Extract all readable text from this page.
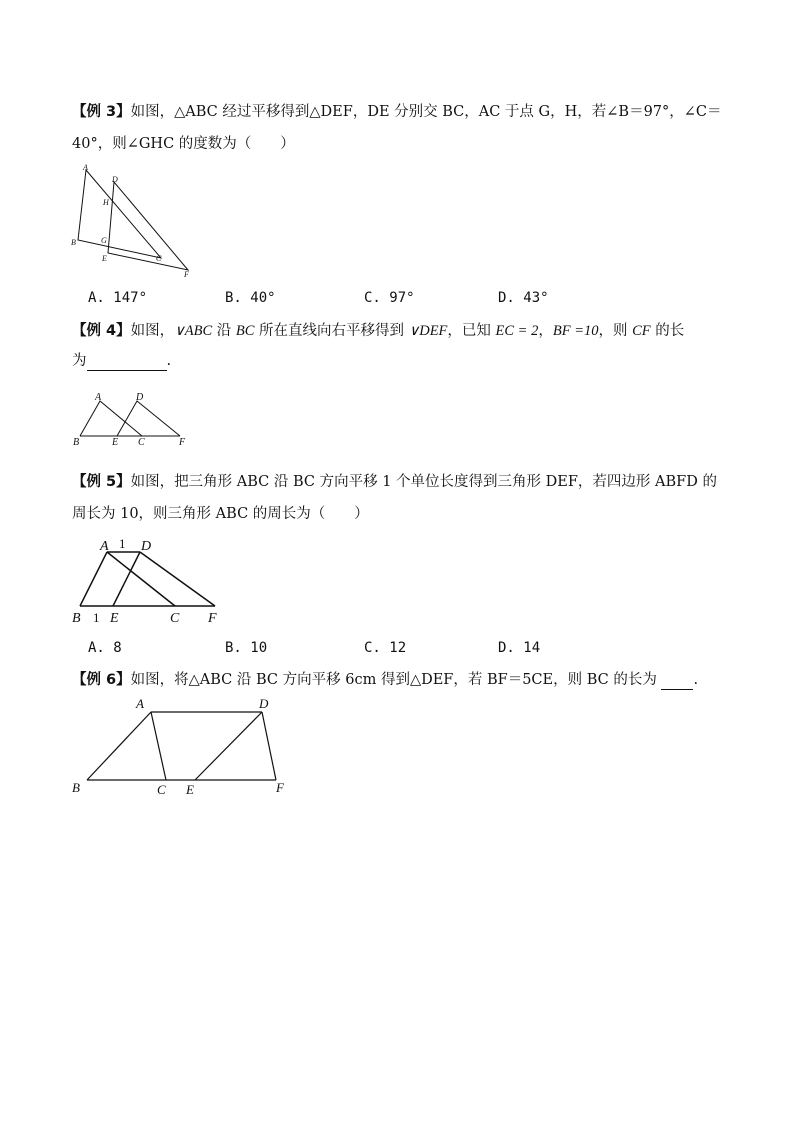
【例 3】如图，△ABC 经过平移得到△DEF，DE 分别交 BC，AC 于点 G，H，若∠B＝97°，∠C＝
40°，则∠GHC 的度数为（　　）
A
D
H
B	G
E	C
F
A. 147°	B. 40°	C. 97°	D. 43°
【例 4】如图，∨ABC 沿 BC 所在直线向右平移得到 ∨DEF，已知 EC = 2，BF =10，则 CF 的长
为	.
A	D
B	E C	F
【例 5】如图，把三角形 ABC 沿 BC 方向平移 1 个单位长度得到三角形 DEF，若四边形 ABFD 的
周长为 10，则三角形 ABC 的周长为（　　）
A 1 D
B 1 E	C F
A. 8	B. 10	C. 12	D. 14
【例 6】如图，将△ABC 沿 BC 方向平移 6cm 得到△DEF，若 BF＝5CE，则 BC 的长为 .
A	D
B	C E	F
